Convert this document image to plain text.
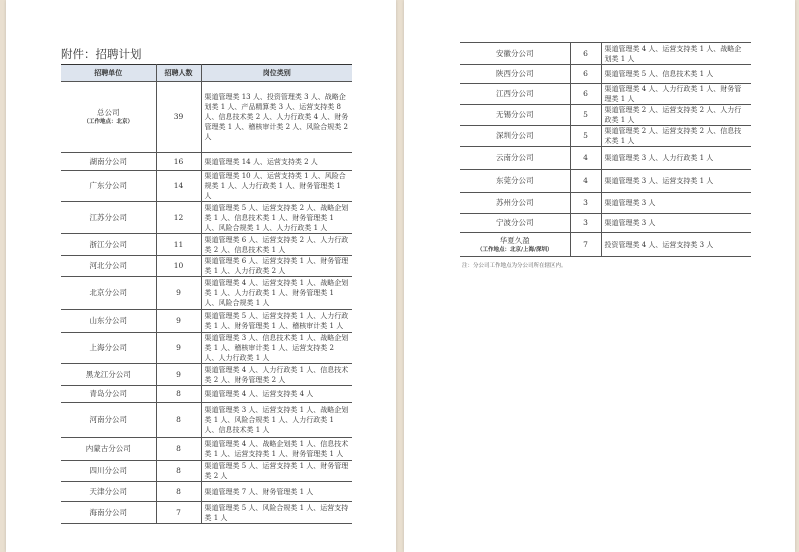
附件：招聘计划
招聘单位	招聘人数	岗位类别
总公司
（工作地点：北京）	39	渠道管理类 13 人、投资管理类 3 人、战略企划类 1 人、产品精算类 3 人、运营支持类 8 人、信息技术类 2 人、人力行政类 4 人、财务管理类 1 人、稽核审计类 2 人、风险合规类 2 人
湖南分公司	16	渠道管理类 14 人、运营支持类 2 人
广东分公司	14	渠道管理类 10 人、运营支持类 1 人、风险合规类 1 人、人力行政类 1 人、财务管理类 1 人
江苏分公司	12	渠道管理类 5 人、运营支持类 2 人、战略企划类 1 人、信息技术类 1 人、财务管理类 1 人、风险合规类 1 人、人力行政类 1 人
浙江分公司	11	渠道管理类 6 人、运营支持类 2 人、人力行政类 2 人、信息技术类 1 人
河北分公司	10	渠道管理类 6 人、运营支持类 1 人、财务管理类 1 人、人力行政类 2 人
北京分公司	9	渠道管理类 4 人、运营支持类 1 人、战略企划类 1 人、人力行政类 1 人、财务管理类 1 人、风险合规类 1 人
山东分公司	9	渠道管理类 5 人、运营支持类 1 人、人力行政类 1 人、财务管理类 1 人、稽核审计类 1 人
上海分公司	9	渠道管理类 3 人、信息技术类 1 人、战略企划类 1 人、稽核审计类 1 人、运营支持类 2 人、人力行政类 1 人
黑龙江分公司	9	渠道管理类 4 人、人力行政类 1 人、信息技术类 2 人、财务管理类 2 人
青岛分公司	8	渠道管理类 4 人、运营支持类 4 人
河南分公司	8	渠道管理类 3 人、运营支持类 1 人、战略企划类 1 人、风险合规类 1 人、人力行政类 1 人、信息技术类 1 人
内蒙古分公司	8	渠道管理类 4 人、战略企划类 1 人、信息技术类 1 人、运营支持类 1 人、财务管理类 1 人
四川分公司	8	渠道管理类 5 人、运营支持类 1 人、财务管理类 2 人
天津分公司	8	渠道管理类 7 人、财务管理类 1 人
海南分公司	7	渠道管理类 5 人、风险合规类 1 人、运营支持类 1 人
安徽分公司	6	渠道管理类 4 人、运营支持类 1 人、战略企划类 1 人
陕西分公司	6	渠道管理类 5 人、信息技术类 1 人
江西分公司	6	渠道管理类 4 人、人力行政类 1 人、财务管理类 1 人
无锡分公司	5	渠道管理类 2 人、运营支持类 2 人、人力行政类 1 人
深圳分公司	5	渠道管理类 2 人、运营支持类 2 人、信息技术类 1 人
云南分公司	4	渠道管理类 3 人、人力行政类 1 人
东莞分公司	4	渠道管理类 3 人、运营支持类 1 人
苏州分公司	3	渠道管理类 3 人
宁波分公司	3	渠道管理类 3 人
华夏久盈
（工作地点：北京/上海/深圳）	7	投资管理类 4 人、运营支持类 3 人
注：分公司工作地点为分公司所在辖区内。
